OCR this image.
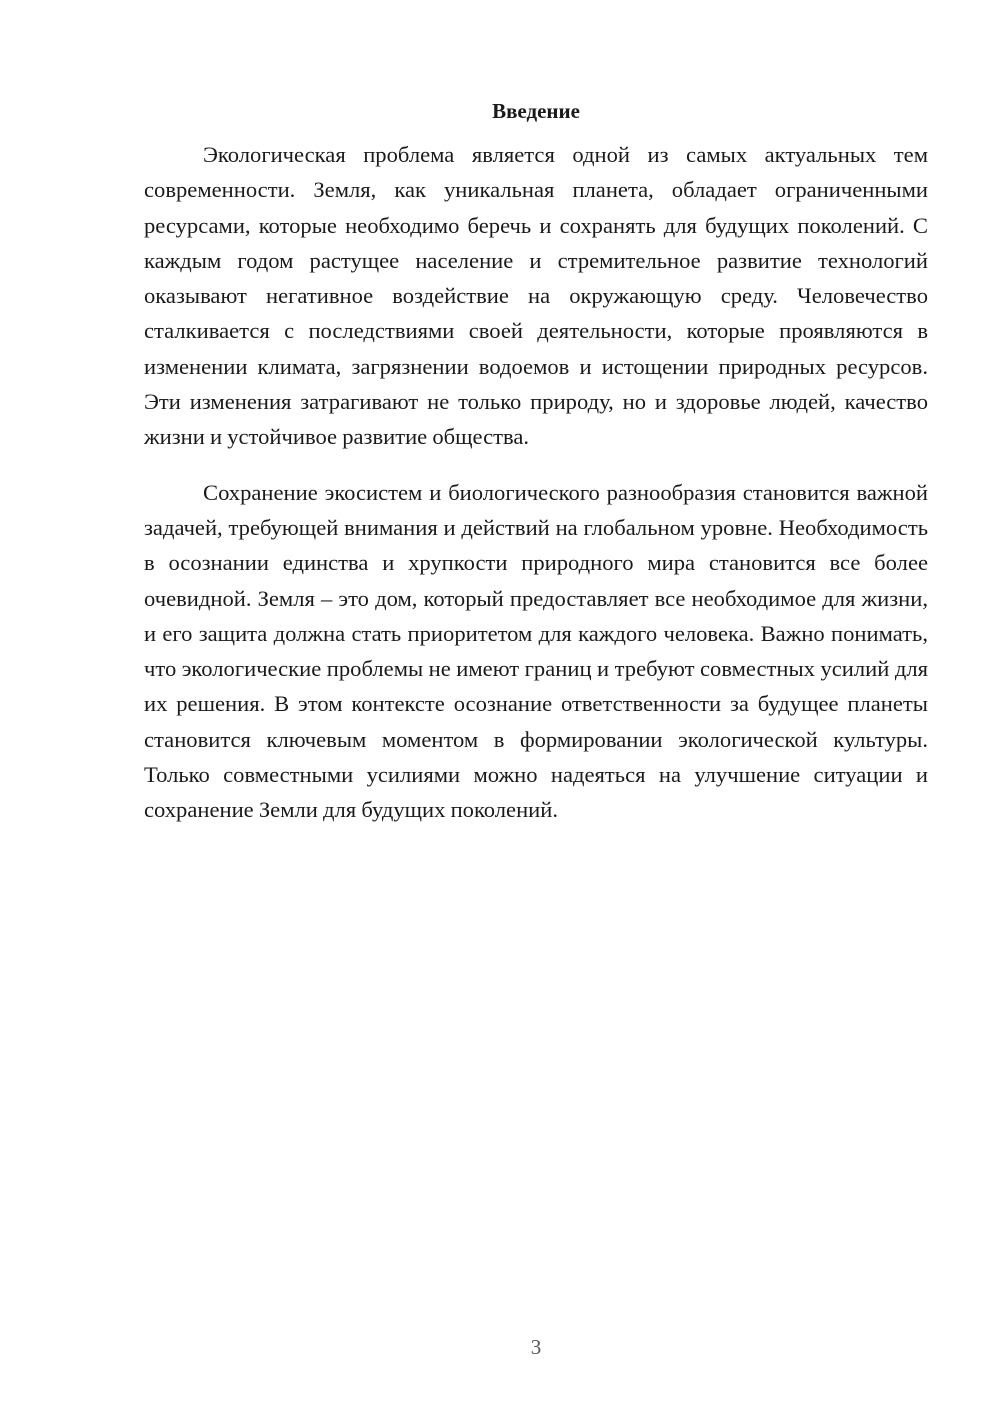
Введение

Экологическая проблема является одной из самых актуальных тем современности. Земля, как уникальная планета, обладает ограниченными ресурсами, которые необходимо беречь и сохранять для будущих поколений. С каждым годом растущее население и стремительное развитие технологий оказывают негативное воздействие на окружающую среду. Человечество сталкивается с последствиями своей деятельности, которые проявляются в изменении климата, загрязнении водоемов и истощении природных ресурсов. Эти изменения затрагивают не только природу, но и здоровье людей, качество жизни и устойчивое развитие общества.

Сохранение экосистем и биологического разнообразия становится важной задачей, требующей внимания и действий на глобальном уровне. Необходимость в осознании единства и хрупкости природного мира становится все более очевидной. Земля – это дом, который предоставляет все необходимое для жизни, и его защита должна стать приоритетом для каждого человека. Важно понимать, что экологические проблемы не имеют границ и требуют совместных усилий для их решения. В этом контексте осознание ответственности за будущее планеты становится ключевым моментом в формировании экологической культуры. Только совместными усилиями можно надеяться на улучшение ситуации и сохранение Земли для будущих поколений.

3
